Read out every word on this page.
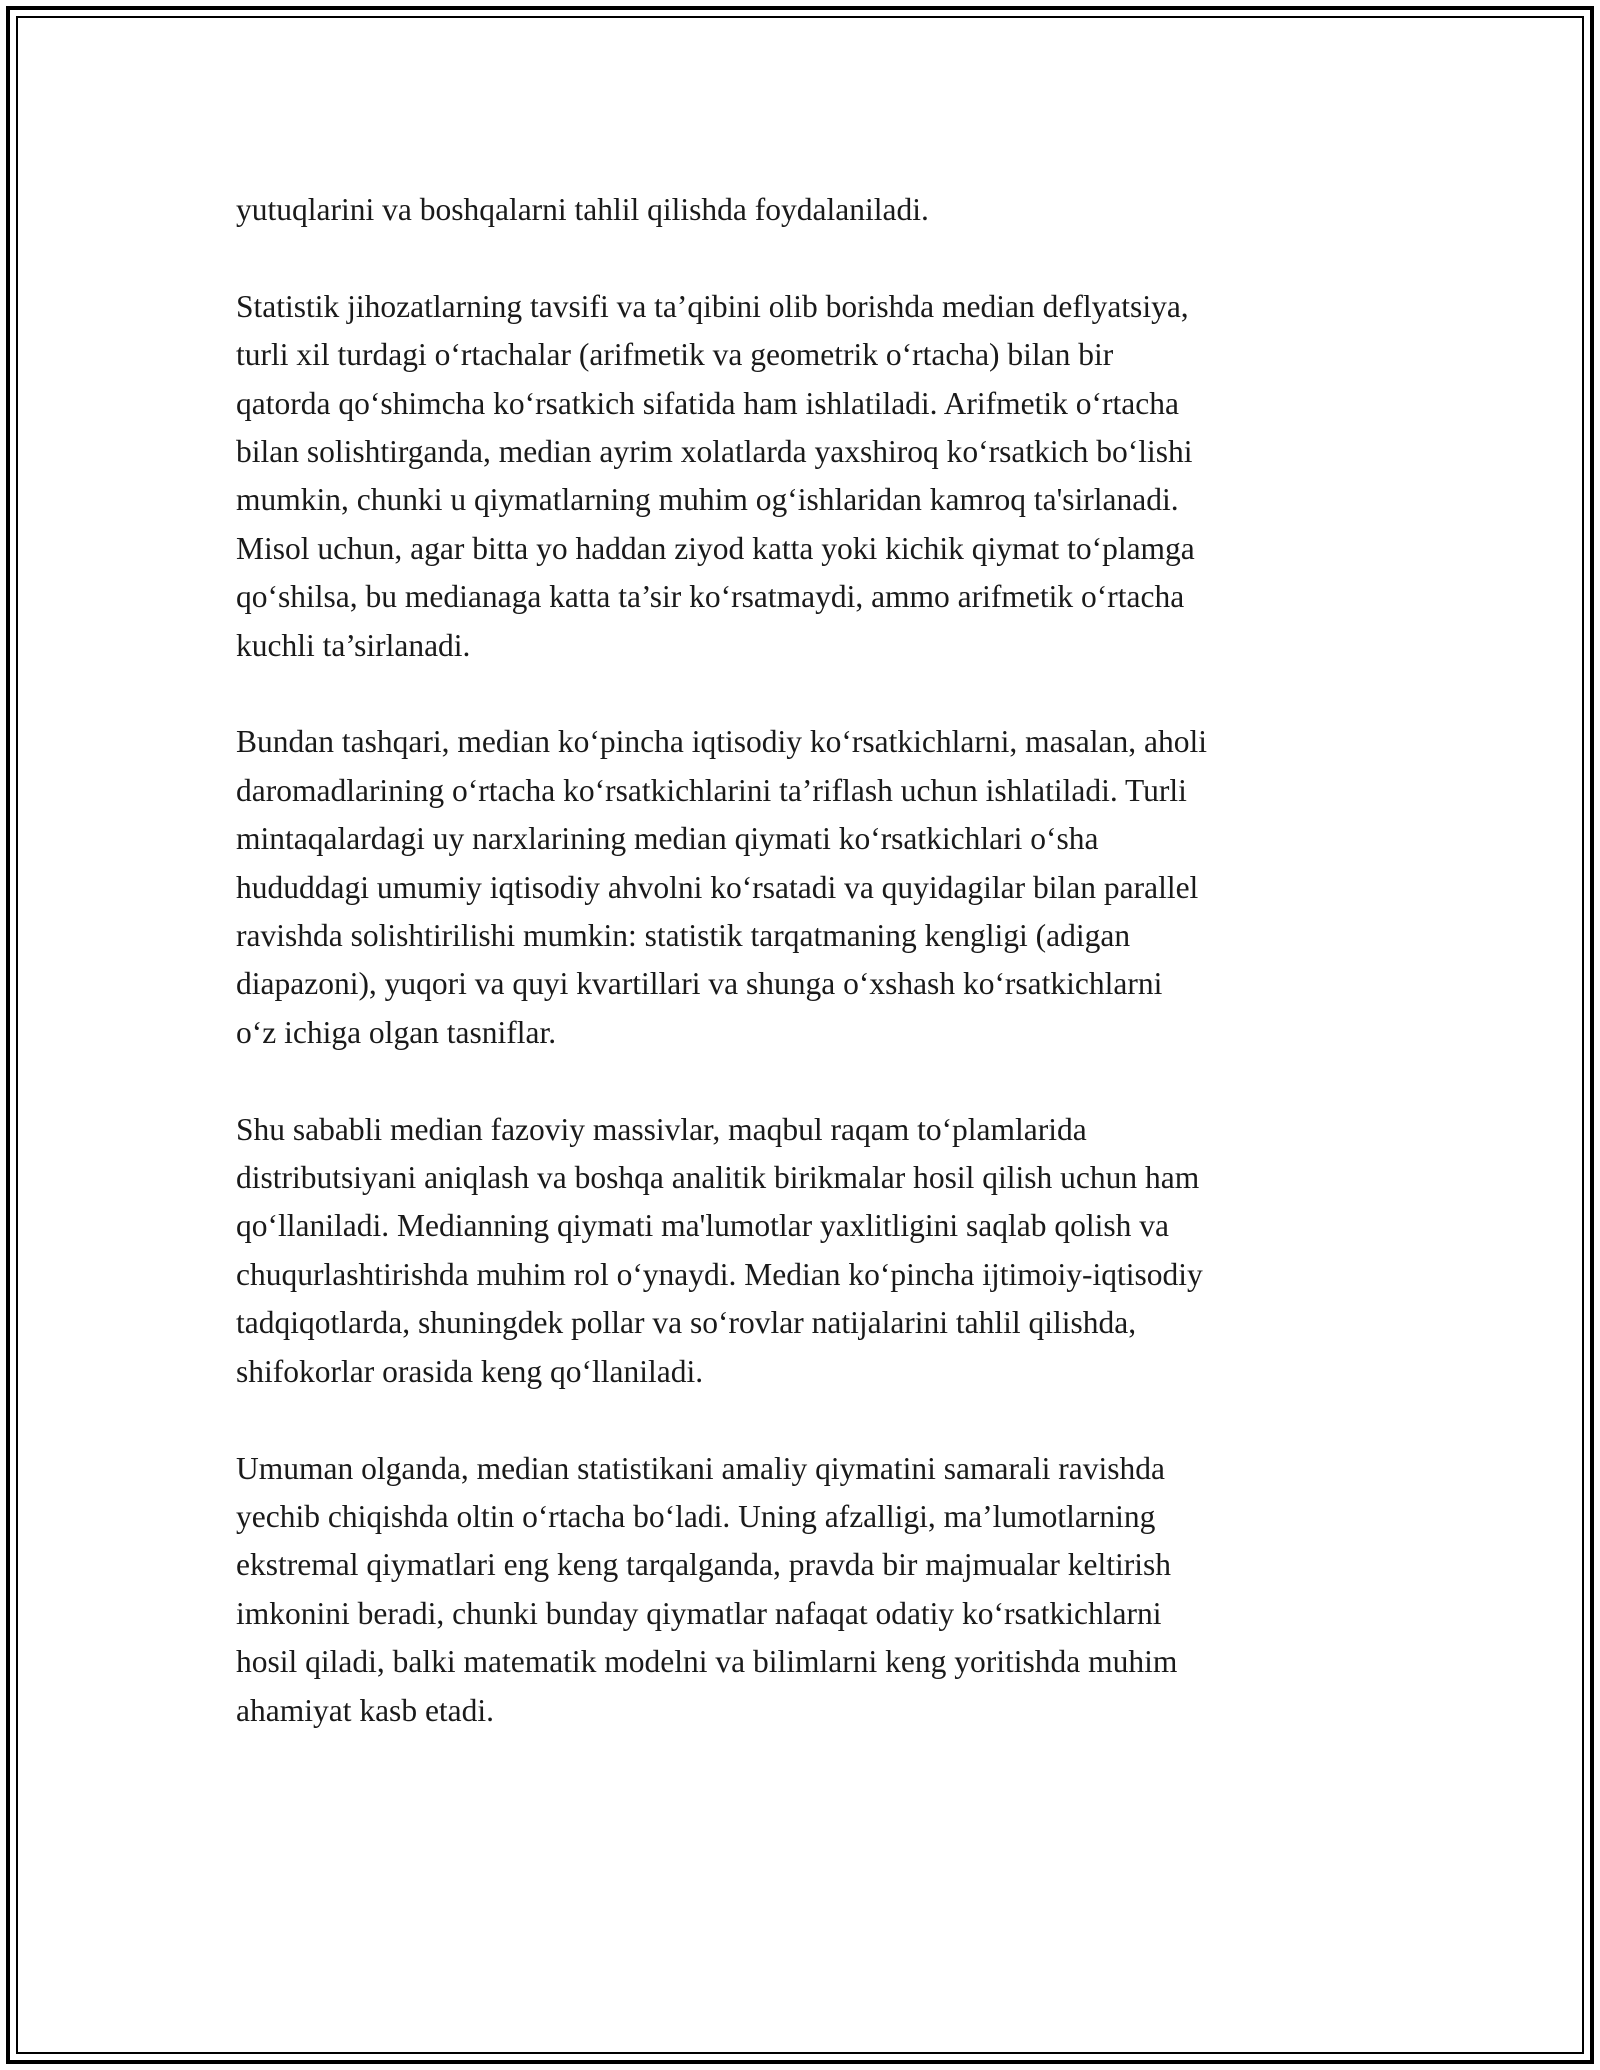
yutuqlarini va boshqalarni tahlil qilishda foydalaniladi.

Statistik jihozatlarning tavsifi va ta’qibini olib borishda median deflyatsiya,
turli xil turdagi o‘rtachalar (arifmetik va geometrik o‘rtacha) bilan bir
qatorda qo‘shimcha ko‘rsatkich sifatida ham ishlatiladi. Arifmetik o‘rtacha
bilan solishtirganda, median ayrim xolatlarda yaxshiroq ko‘rsatkich bo‘lishi
mumkin, chunki u qiymatlarning muhim og‘ishlaridan kamroq ta'sirlanadi.
Misol uchun, agar bitta yo haddan ziyod katta yoki kichik qiymat to‘plamga
qo‘shilsa, bu medianaga katta ta’sir ko‘rsatmaydi, ammo arifmetik o‘rtacha
kuchli ta’sirlanadi.

Bundan tashqari, median ko‘pincha iqtisodiy ko‘rsatkichlarni, masalan, aholi
daromadlarining o‘rtacha ko‘rsatkichlarini ta’riflash uchun ishlatiladi. Turli
mintaqalardagi uy narxlarining median qiymati ko‘rsatkichlari o‘sha
hududdagi umumiy iqtisodiy ahvolni ko‘rsatadi va quyidagilar bilan parallel
ravishda solishtirilishi mumkin: statistik tarqatmaning kengligi (adigan
diapazoni), yuqori va quyi kvartillari va shunga o‘xshash ko‘rsatkichlarni
o‘z ichiga olgan tasniflar.

Shu sababli median fazoviy massivlar, maqbul raqam to‘plamlarida
distributsiyani aniqlash va boshqa analitik birikmalar hosil qilish uchun ham
qo‘llaniladi. Medianning qiymati ma'lumotlar yaxlitligini saqlab qolish va
chuqurlashtirishda muhim rol o‘ynaydi. Median ko‘pincha ijtimoiy-iqtisodiy
tadqiqotlarda, shuningdek pollar va so‘rovlar natijalarini tahlil qilishda,
shifokorlar orasida keng qo‘llaniladi.

Umuman olganda, median statistikani amaliy qiymatini samarali ravishda
yechib chiqishda oltin o‘rtacha bo‘ladi. Uning afzalligi, ma’lumotlarning
ekstremal qiymatlari eng keng tarqalganda, pravda bir majmualar keltirish
imkonini beradi, chunki bunday qiymatlar nafaqat odatiy ko‘rsatkichlarni
hosil qiladi, balki matematik modelni va bilimlarni keng yoritishda muhim
ahamiyat kasb etadi.
